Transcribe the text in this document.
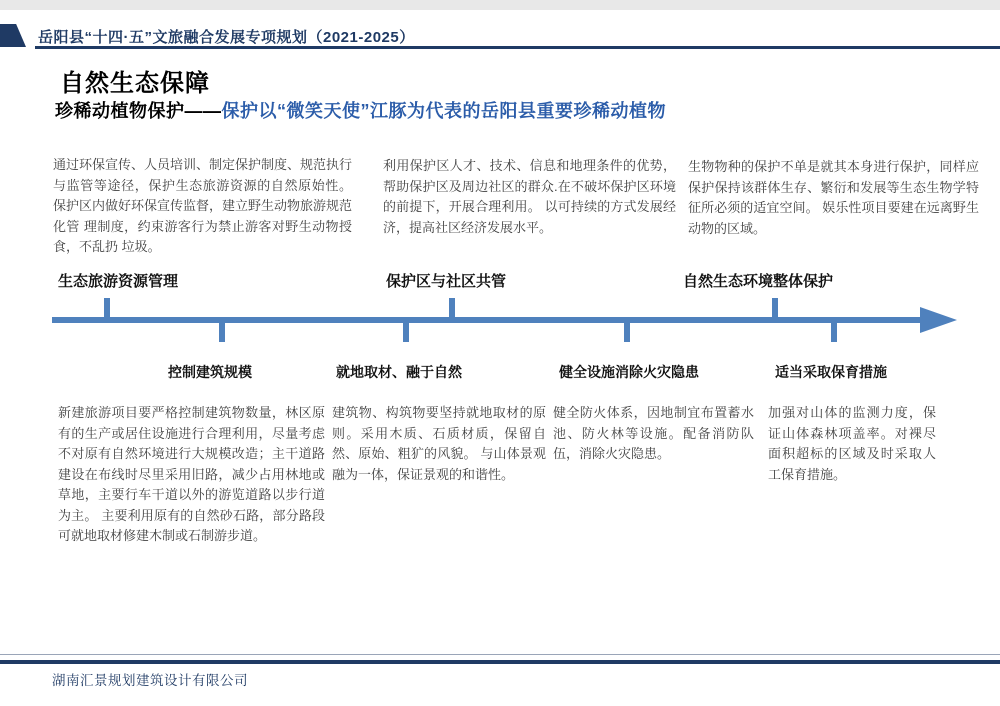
岳阳县“十四·五”文旅融合发展专项规划（2021-2025）
自然生态保障
珍稀动植物保护——保护以“微笑天使”江豚为代表的岳阳县重要珍稀动植物
通过环保宣传、人员培训、制定保护制度、规范执行与监管等途径，保护生态旅游资源的自然原始性。 保护区内做好环保宣传监督，建立野生动物旅游规范化管 理制度，约束游客行为禁止游客对野生动物授食，不乱扔 垃圾。
利用保护区人才、技术、信息和地理条件的优势，帮助保护区及周边社区的群众.在不破坏保护区环境的前提下，开展合理利用。 以可持续的方式发展经济，提高社区经济发展水平。
生物物种的保护不单是就其本身进行保护，同样应保护保持该群体生存、繁衍和发展等生态生物学特征所必须的适宜空间。 娱乐性项目要建在远离野生动物的区域。
生态旅游资源管理	保护区与社区共管	自然生态环境整体保护
控制建筑规模	就地取材、融于自然	健全设施消除火灾隐患	适当采取保育措施
新建旅游项目要严格控制建筑物数量，林区原有的生产或居住设施进行合理利用，尽量考虑不对原有自然环境进行大规模改造；主干道路建设在布线时尽里采用旧路，减少占用林地或草地，主要行车干道以外的游览道路以步行道为主。 主要利用原有的自然砂石路，部分路段可就地取材修建木制或石制游步道。
建筑物、构筑物要坚持就地取材的原则。采用木质、石质材质，保留自然、原始、粗犷的风貌。 与山体景观融为一体，保证景观的和谐性。
健全防火体系，因地制宜布置蓄水池、防火林等设施。配备消防队伍，消除火灾隐患。
加强对山体的监测力度，保证山体森林项盖率。对裸尽面积超标的区域及时采取人工保育措施。
湖南汇景规划建筑设计有限公司
